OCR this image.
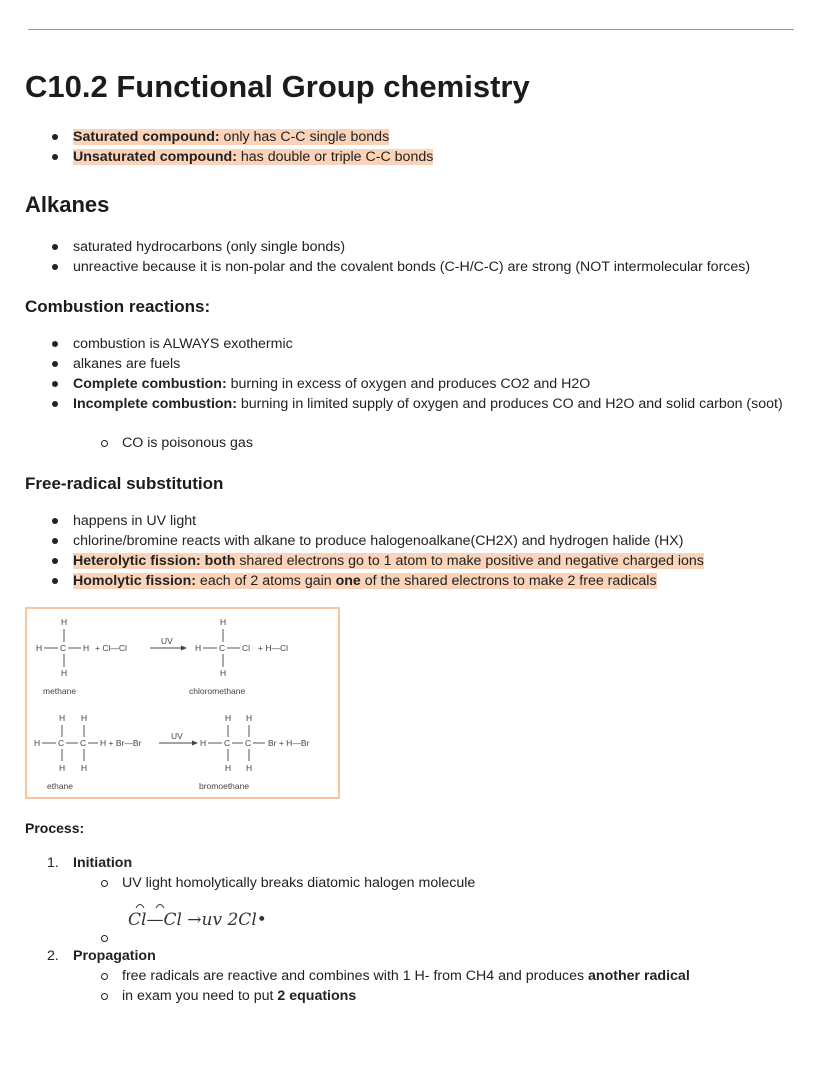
C10.2 Functional Group chemistry
Saturated compound: only has C-C single bonds
Unsaturated compound: has double or triple C-C bonds
Alkanes
saturated hydrocarbons (only single bonds)
unreactive because it is non-polar and the covalent bonds (C-H/C-C) are strong (NOT intermolecular forces)
Combustion reactions:
combustion is ALWAYS exothermic
alkanes are fuels
Complete combustion: burning in excess of oxygen and produces CO2 and H2O
Incomplete combustion: burning in limited supply of oxygen and produces CO and H2O and solid carbon (soot)
CO is poisonous gas
Free-radical substitution
happens in UV light
chlorine/bromine reacts with alkane to produce halogenoalkane(CH2X) and hydrogen halide (HX)
Heterolytic fission: both shared electrons go to 1 atom to make positive and negative charged ions
Homolytic fission: each of 2 atoms gain one of the shared electrons to make 2 free radicals
H
H C H
H
+ Cl—Cl
UV
H
H C Cl
H
+ H—Cl
methane	chloromethane
H H
H C C H + Br—Br
H H
UV
H H
H C C Br + H—Br
H H
ethane	bromoethane
Process:
1. Initiation
UV light homolytically breaks diatomic halogen molecule
Cl—Cl →uv 2Cl•
2. Propagation
free radicals are reactive and combines with 1 H- from CH4 and produces another radical
in exam you need to put 2 equations
